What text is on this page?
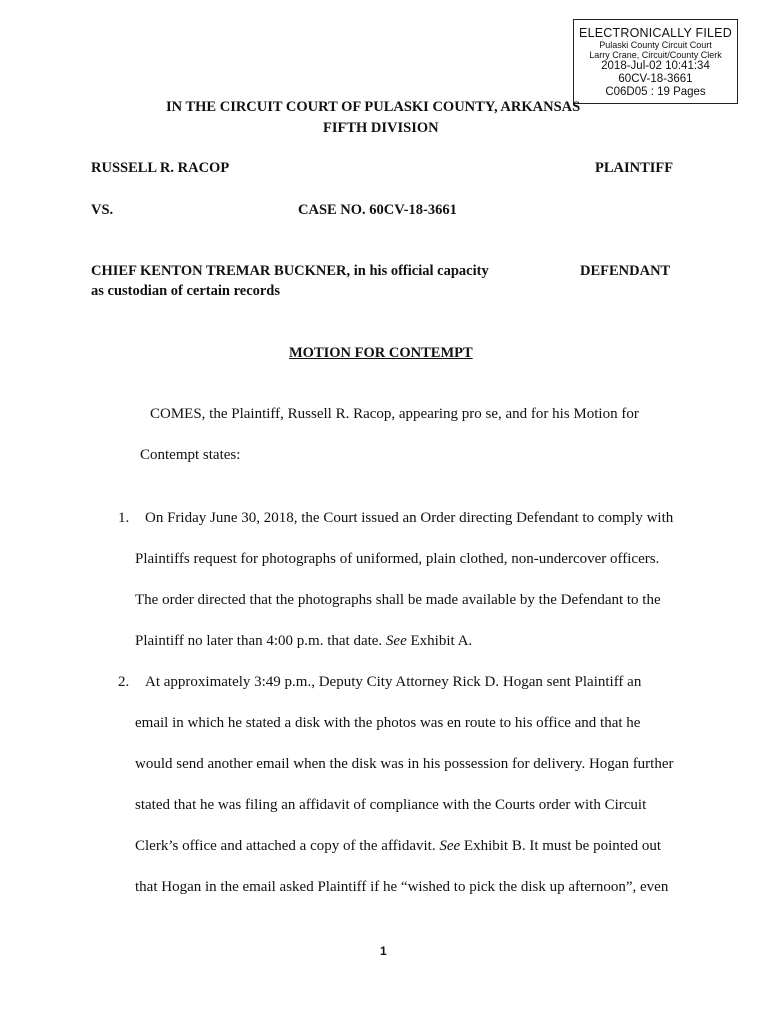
ELECTRONICALLY FILED
Pulaski County Circuit Court
Larry Crane, Circuit/County Clerk
2018-Jul-02 10:41:34
60CV-18-3661
C06D05 : 19 Pages
IN THE CIRCUIT COURT OF PULASKI COUNTY, ARKANSAS
FIFTH DIVISION
RUSSELL R. RACOP	PLAINTIFF
VS.	CASE NO. 60CV-18-3661
CHIEF KENTON TREMAR BUCKNER, in his official capacity
as custodian of certain records
DEFENDANT
MOTION FOR CONTEMPT
COMES, the Plaintiff, Russell R. Racop, appearing pro se, and for his Motion for
Contempt states:
1. On Friday June 30, 2018, the Court issued an Order directing Defendant to comply with
Plaintiffs request for photographs of uniformed, plain clothed, non-undercover officers.
The order directed that the photographs shall be made available by the Defendant to the
Plaintiff no later than 4:00 p.m. that date. See Exhibit A.
2. At approximately 3:49 p.m., Deputy City Attorney Rick D. Hogan sent Plaintiff an
email in which he stated a disk with the photos was en route to his office and that he
would send another email when the disk was in his possession for delivery. Hogan further
stated that he was filing an affidavit of compliance with the Courts order with Circuit
Clerk’s office and attached a copy of the affidavit. See Exhibit B. It must be pointed out
that Hogan in the email asked Plaintiff if he “wished to pick the disk up afternoon”, even
1
